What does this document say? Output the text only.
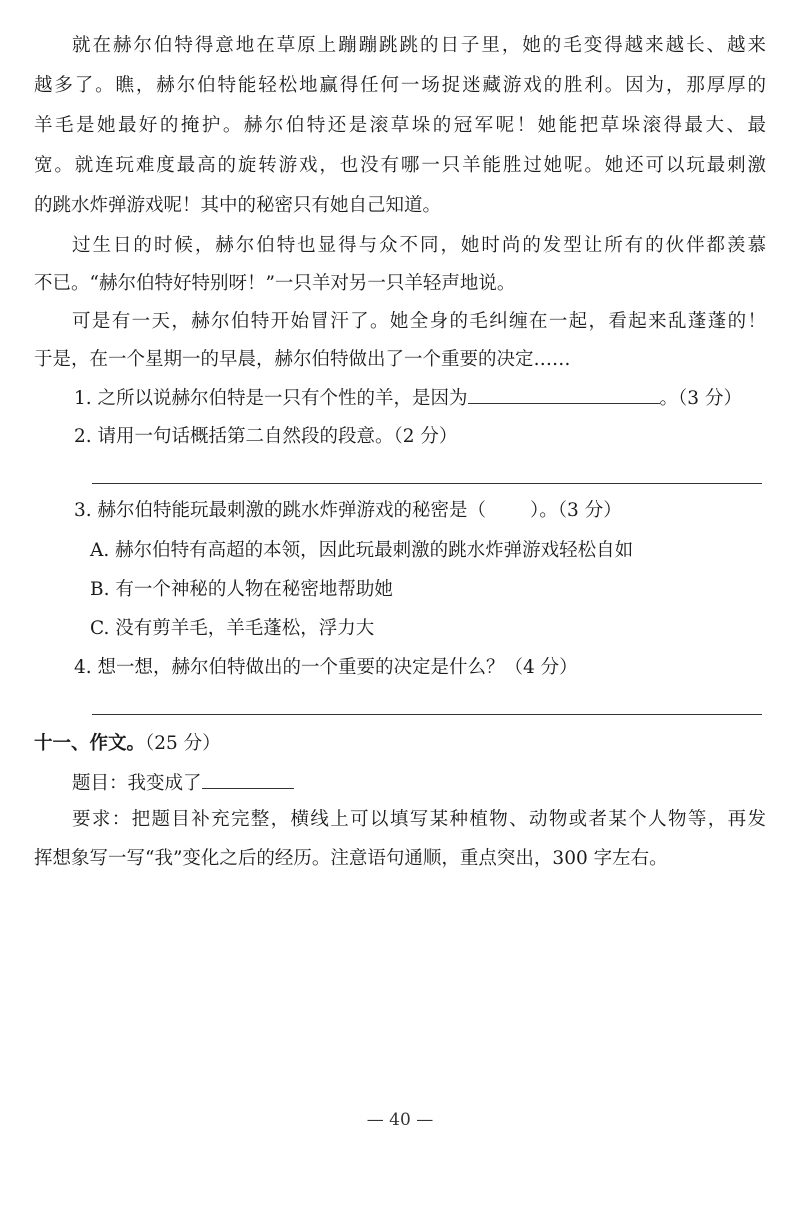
就在赫尔伯特得意地在草原上蹦蹦跳跳的日子里，她的毛变得越来越长、越来
越多了。瞧，赫尔伯特能轻松地赢得任何一场捉迷藏游戏的胜利。因为，那厚厚的
羊毛是她最好的掩护。赫尔伯特还是滚草垛的冠军呢！她能把草垛滚得最大、最
宽。就连玩难度最高的旋转游戏，也没有哪一只羊能胜过她呢。她还可以玩最刺激
的跳水炸弹游戏呢！其中的秘密只有她自己知道。
过生日的时候，赫尔伯特也显得与众不同，她时尚的发型让所有的伙伴都羡慕
不已。“赫尔伯特好特别呀！”一只羊对另一只羊轻声地说。
可是有一天，赫尔伯特开始冒汗了。她全身的毛纠缠在一起，看起来乱蓬蓬的！
于是，在一个星期一的早晨，赫尔伯特做出了一个重要的决定……
1. 之所以说赫尔伯特是一只有个性的羊，是因为	。（3 分）
2. 请用一句话概括第二自然段的段意。（2 分）
3. 赫尔伯特能玩最刺激的跳水炸弹游戏的秘密是（ ）。（3 分）
A. 赫尔伯特有高超的本领，因此玩最刺激的跳水炸弹游戏轻松自如
B. 有一个神秘的人物在秘密地帮助她
C. 没有剪羊毛，羊毛蓬松，浮力大
4. 想一想，赫尔伯特做出的一个重要的决定是什么？（4 分）
十一、作文。（25 分）
题目：我变成了
要求：把题目补充完整，横线上可以填写某种植物、动物或者某个人物等，再发
挥想象写一写“我”变化之后的经历。注意语句通顺，重点突出，300 字左右。
— 40 —
